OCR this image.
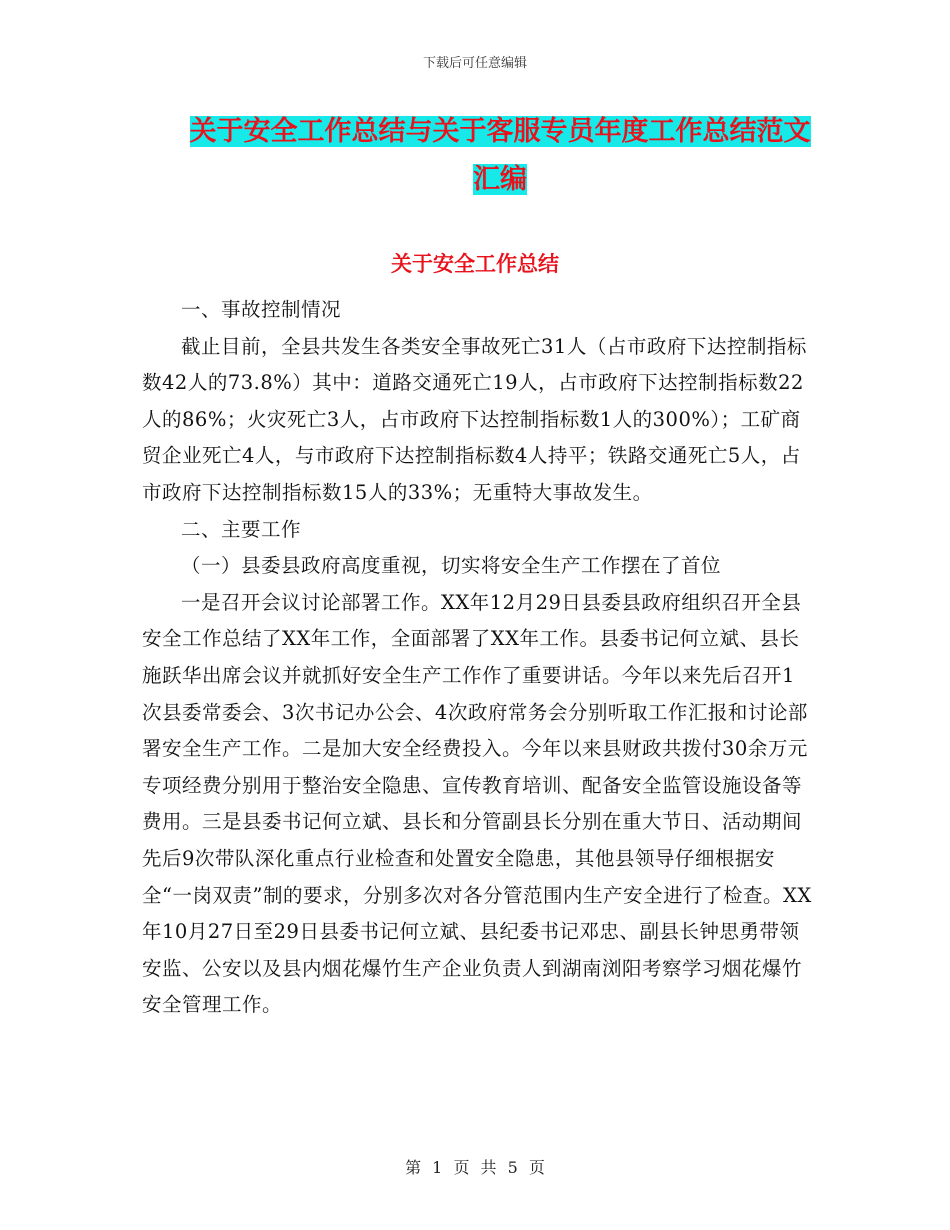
下载后可任意编辑
关于安全工作总结与关于客服专员年度工作总结范文
汇编
关于安全工作总结

一、事故控制情况

截止目前，全县共发生各类安全事故死亡31人（占市政府下达控制指标数42人的73.8%）其中：道路交通死亡19人，占市政府下达控制指标数22人的86%；火灾死亡3人，占市政府下达控制指标数1人的300%）；工矿商贸企业死亡4人，与市政府下达控制指标数4人持平；铁路交通死亡5人，占市政府下达控制指标数15人的33%；无重特大事故发生。

二、主要工作

（一）县委县政府高度重视，切实将安全生产工作摆在了首位

一是召开会议讨论部署工作。XX年12月29日县委县政府组织召开全县安全工作总结了XX年工作，全面部署了XX年工作。县委书记何立斌、县长施跃华出席会议并就抓好安全生产工作作了重要讲话。今年以来先后召开1次县委常委会、3次书记办公会、4次政府常务会分别听取工作汇报和讨论部署安全生产工作。二是加大安全经费投入。今年以来县财政共拨付30余万元专项经费分别用于整治安全隐患、宣传教育培训、配备安全监管设施设备等费用。三是县委书记何立斌、县长和分管副县长分别在重大节日、活动期间先后9次带队深化重点行业检查和处置安全隐患，其他县领导仔细根据安全“一岗双责”制的要求，分别多次对各分管范围内生产安全进行了检查。XX年10月27日至29日县委书记何立斌、县纪委书记邓忠、副县长钟思勇带领安监、公安以及县内烟花爆竹生产企业负责人到湖南浏阳考察学习烟花爆竹安全管理工作。

第 1 页 共 5 页
